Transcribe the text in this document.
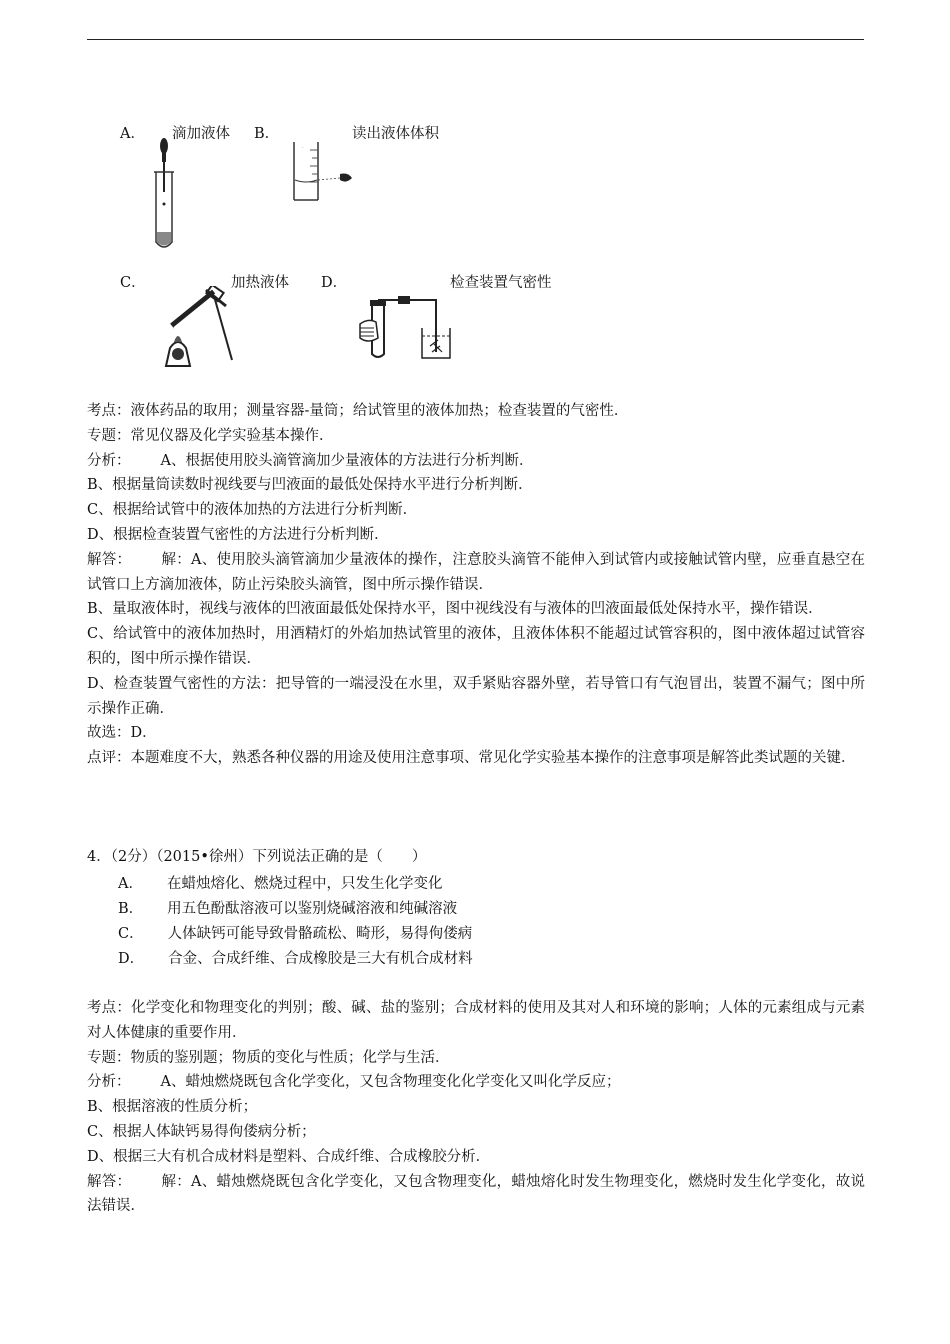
A． 滴加液体 B．	读出液体体积
·
C．	加热液体 D．	检查装置气密性

考点：液体药品的取用；测量容器-量筒；给试管里的液体加热；检查装置的气密性．

专题：常见仪器及化学实验基本操作．

分析： A、根据使用胶头滴管滴加少量液体的方法进行分析判断．

B、根据量筒读数时视线要与凹液面的最低处保持水平进行分析判断．

C、根据给试管中的液体加热的方法进行分析判断．

D、根据检查装置气密性的方法进行分析判断．

解答： 解：A、使用胶头滴管滴加少量液体的操作，注意胶头滴管不能伸入到试管内或接触试管内壁，应垂直悬空在试管口上方滴加液体，防止污染胶头滴管，图中所示操作错误．

B、量取液体时，视线与液体的凹液面最低处保持水平，图中视线没有与液体的凹液面最低处保持水平，操作错误．

C、给试管中的液体加热时，用酒精灯的外焰加热试管里的液体，且液体体积不能超过试管容积的，图中液体超过试管容积的，图中所示操作错误．

D、检查装置气密性的方法：把导管的一端浸没在水里，双手紧贴容器外壁，若导管口有气泡冒出，装置不漏气；图中所示操作正确．

故选：D．

点评：本题难度不大，熟悉各种仪器的用途及使用注意事项、常见化学实验基本操作的注意事项是解答此类试题的关键．

4．（2分）（2015•徐州）下列说法正确的是（　　）
A． 在蜡烛熔化、燃烧过程中，只发生化学变化
B． 用五色酚酞溶液可以鉴别烧碱溶液和纯碱溶液
C． 人体缺钙可能导致骨骼疏松、畸形，易得佝偻病
D． 合金、合成纤维、合成橡胶是三大有机合成材料

考点：化学变化和物理变化的判别；酸、碱、盐的鉴别；合成材料的使用及其对人和环境的影响；人体的元素组成与元素对人体健康的重要作用．

专题：物质的鉴别题；物质的变化与性质；化学与生活．

分析： A、蜡烛燃烧既包含化学变化，又包含物理变化化学变化又叫化学反应；

B、根据溶液的性质分析；

C、根据人体缺钙易得佝偻病分析；

D、根据三大有机合成材料是塑料、合成纤维、合成橡胶分析．

解答： 解：A、蜡烛燃烧既包含化学变化，又包含物理变化，蜡烛熔化时发生物理变化，燃烧时发生化学变化，故说法错误．
